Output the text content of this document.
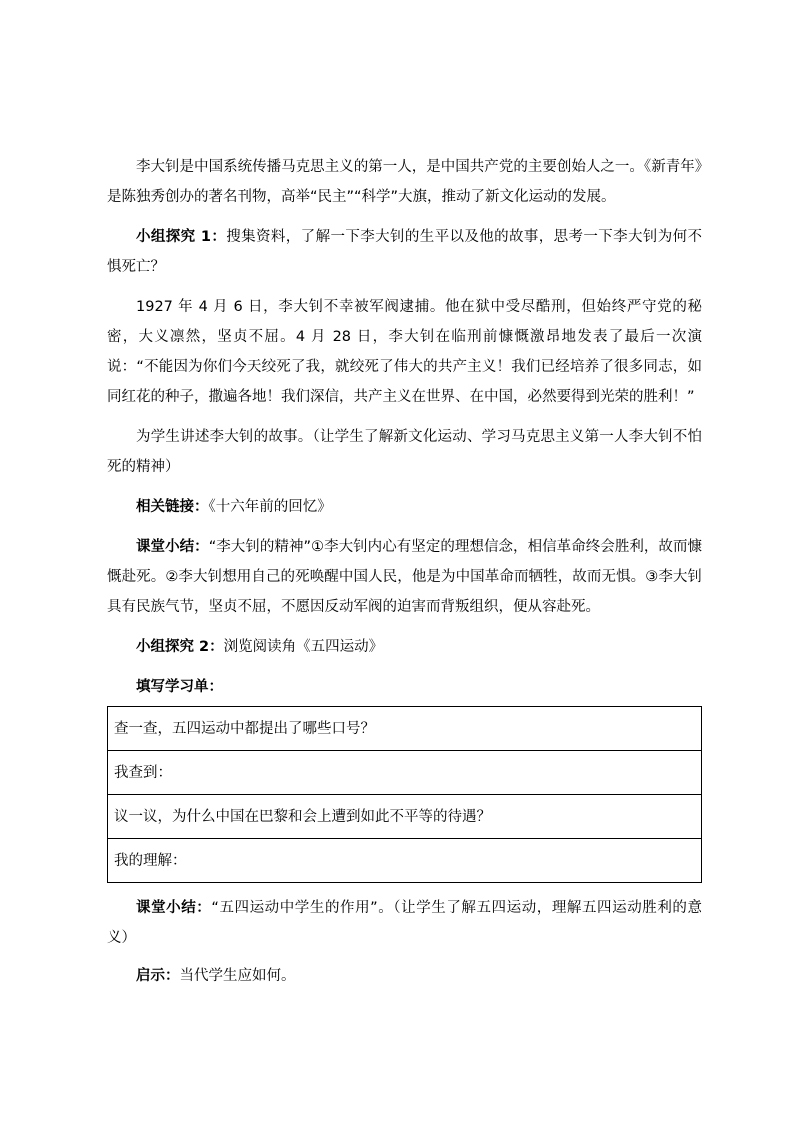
李大钊是中国系统传播马克思主义的第一人，是中国共产党的主要创始人之一。《新青年》是陈独秀创办的著名刊物，高举“民主”“科学”大旗，推动了新文化运动的发展。

小组探究 1：搜集资料，了解一下李大钊的生平以及他的故事，思考一下李大钊为何不惧死亡？

1927 年 4 月 6 日，李大钊不幸被军阀逮捕。他在狱中受尽酷刑，但始终严守党的秘密，大义凛然，坚贞不屈。4 月 28 日，李大钊在临刑前慷慨激昂地发表了最后一次演说：“不能因为你们今天绞死了我，就绞死了伟大的共产主义！我们已经培养了很多同志，如同红花的种子，撒遍各地！我们深信，共产主义在世界、在中国，必然要得到光荣的胜利！”

为学生讲述李大钊的故事。（让学生了解新文化运动、学习马克思主义第一人李大钊不怕死的精神）

相关链接：《十六年前的回忆》

课堂小结：“李大钊的精神”①李大钊内心有坚定的理想信念，相信革命终会胜利，故而慷慨赴死。②李大钊想用自己的死唤醒中国人民，他是为中国革命而牺牲，故而无惧。③李大钊具有民族气节，坚贞不屈，不愿因反动军阀的迫害而背叛组织，便从容赴死。

小组探究 2：浏览阅读角《五四运动》

填写学习单：

查一查，五四运动中都提出了哪些口号？
我查到：
议一议，为什么中国在巴黎和会上遭到如此不平等的待遇？
我的理解：

课堂小结：“五四运动中学生的作用”。（让学生了解五四运动，理解五四运动胜利的意义）

启示：当代学生应如何。
